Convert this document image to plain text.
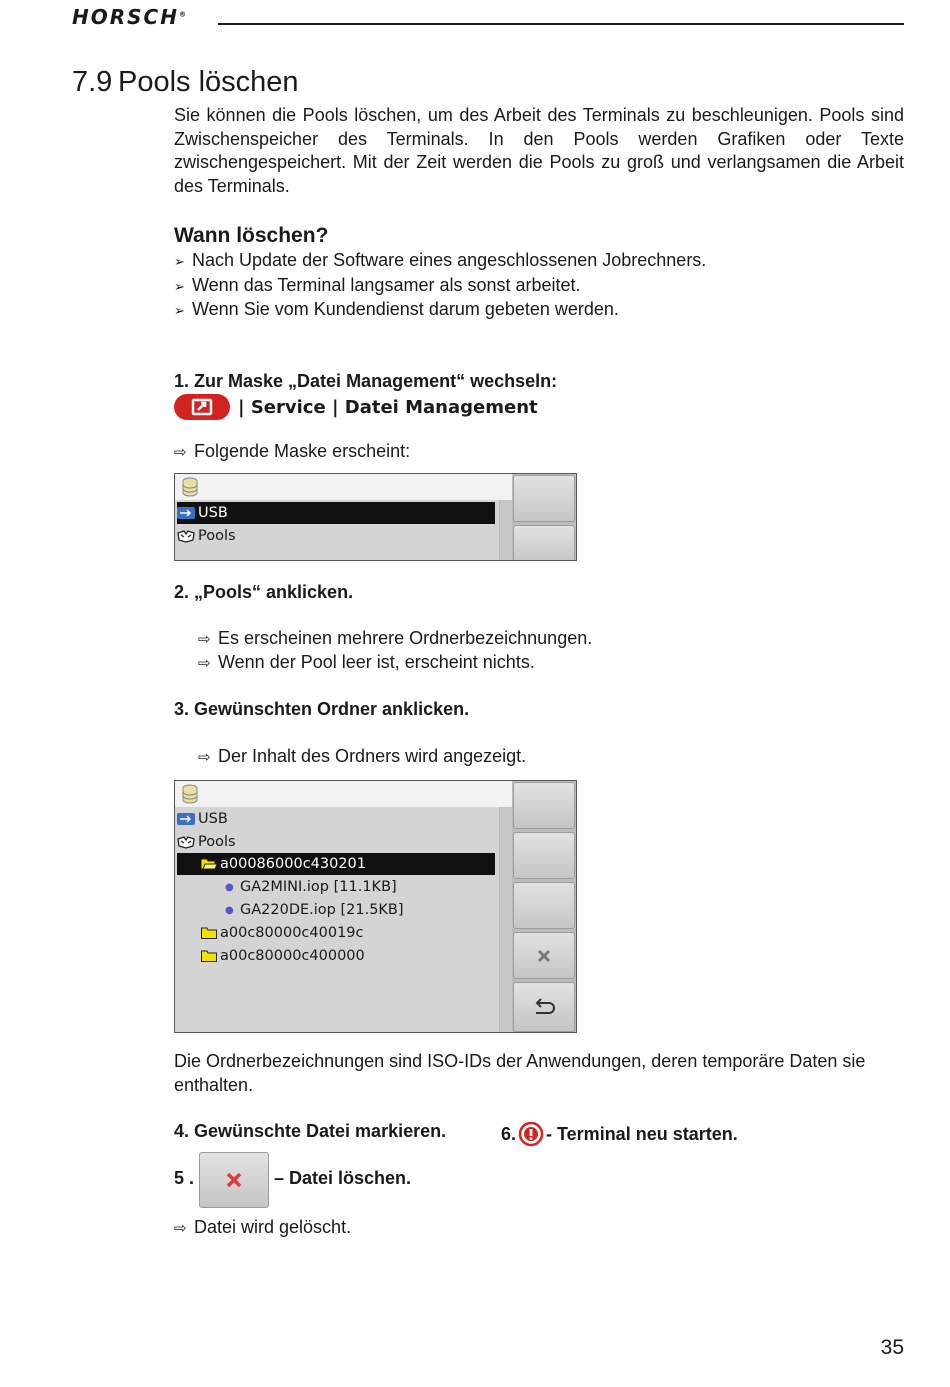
HORSCH®
7.9 Pools löschen
Sie können die Pools löschen, um des Arbeit des Terminals zu beschleunigen. Pools sind Zwischenspeicher des Terminals. In den Pools werden Grafiken oder Texte zwischengespeichert. Mit der Zeit werden die Pools zu groß und verlangsamen die Arbeit des Terminals.
Wann löschen?
➢ Nach Update der Software eines angeschlossenen Jobrechners.
➢ Wenn das Terminal langsamer als sonst arbeitet.
➢ Wenn Sie vom Kundendienst darum gebeten werden.
1. Zur Maske „Datei Management“ wechseln:
| Service | Datei Management
⇨ Folgende Maske erscheint:
USB
Pools
2. „Pools“ anklicken.
⇨ Es erscheinen mehrere Ordnerbezeichnungen.
⇨ Wenn der Pool leer ist, erscheint nichts.
3. Gewünschten Ordner anklicken.
⇨ Der Inhalt des Ordners wird angezeigt.
USB
Pools
a00086000c430201
● GA2MINI.iop [11.1KB]
● GA220DE.iop [21.5KB]
a00c80000c40019c
a00c80000c400000
Die Ordnerbezeichnungen sind ISO-IDs der Anwendungen, deren temporäre Daten sie enthalten.
4. Gewünschte Datei markieren.	6. - Terminal neu starten.
5 .	– Datei löschen.
⇨ Datei wird gelöscht.
35
